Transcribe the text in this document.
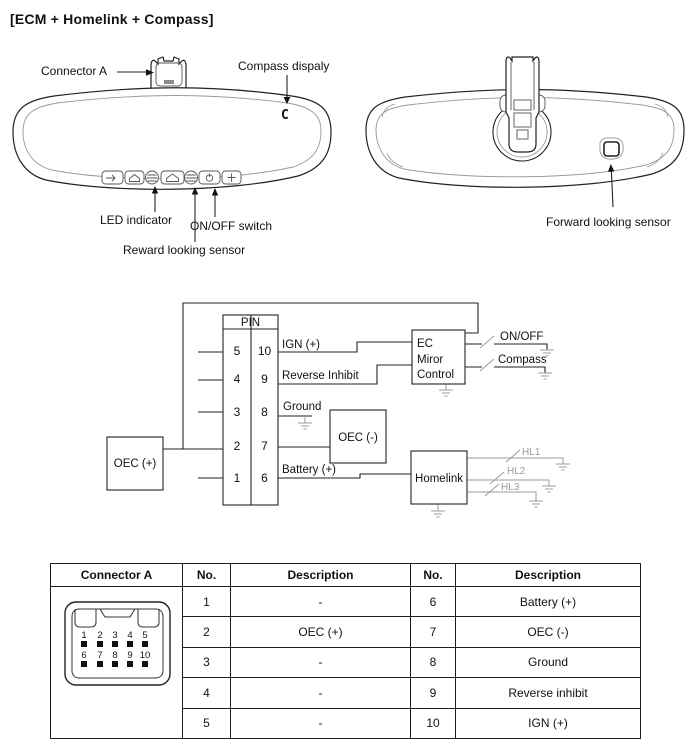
[ECM + Homelink + Compass]
C
Connector A	Compass dispaly
LED indicator ON/OFF switch
Reward looking sensor
Forward looking sensor
PIN
5
4
3
2
1
10
9
8
7
6
OEC (+)
OEC (-)
EC
Miror
Control
Homelink
IGN (+)
Reverse Inhibit
Ground
Battery (+)
ON/OFF
Compass
HL1
HL2
HL3
Connector A	No.	Description	No.	Description

1 2 3 4 5
6 7 8 9 10
	1	-	6	Battery (+)
	2	OEC (+)	7	OEC (-)
	3	-	8	Ground
	4	-	9	Reverse inhibit
	5	-	10	IGN (+)
